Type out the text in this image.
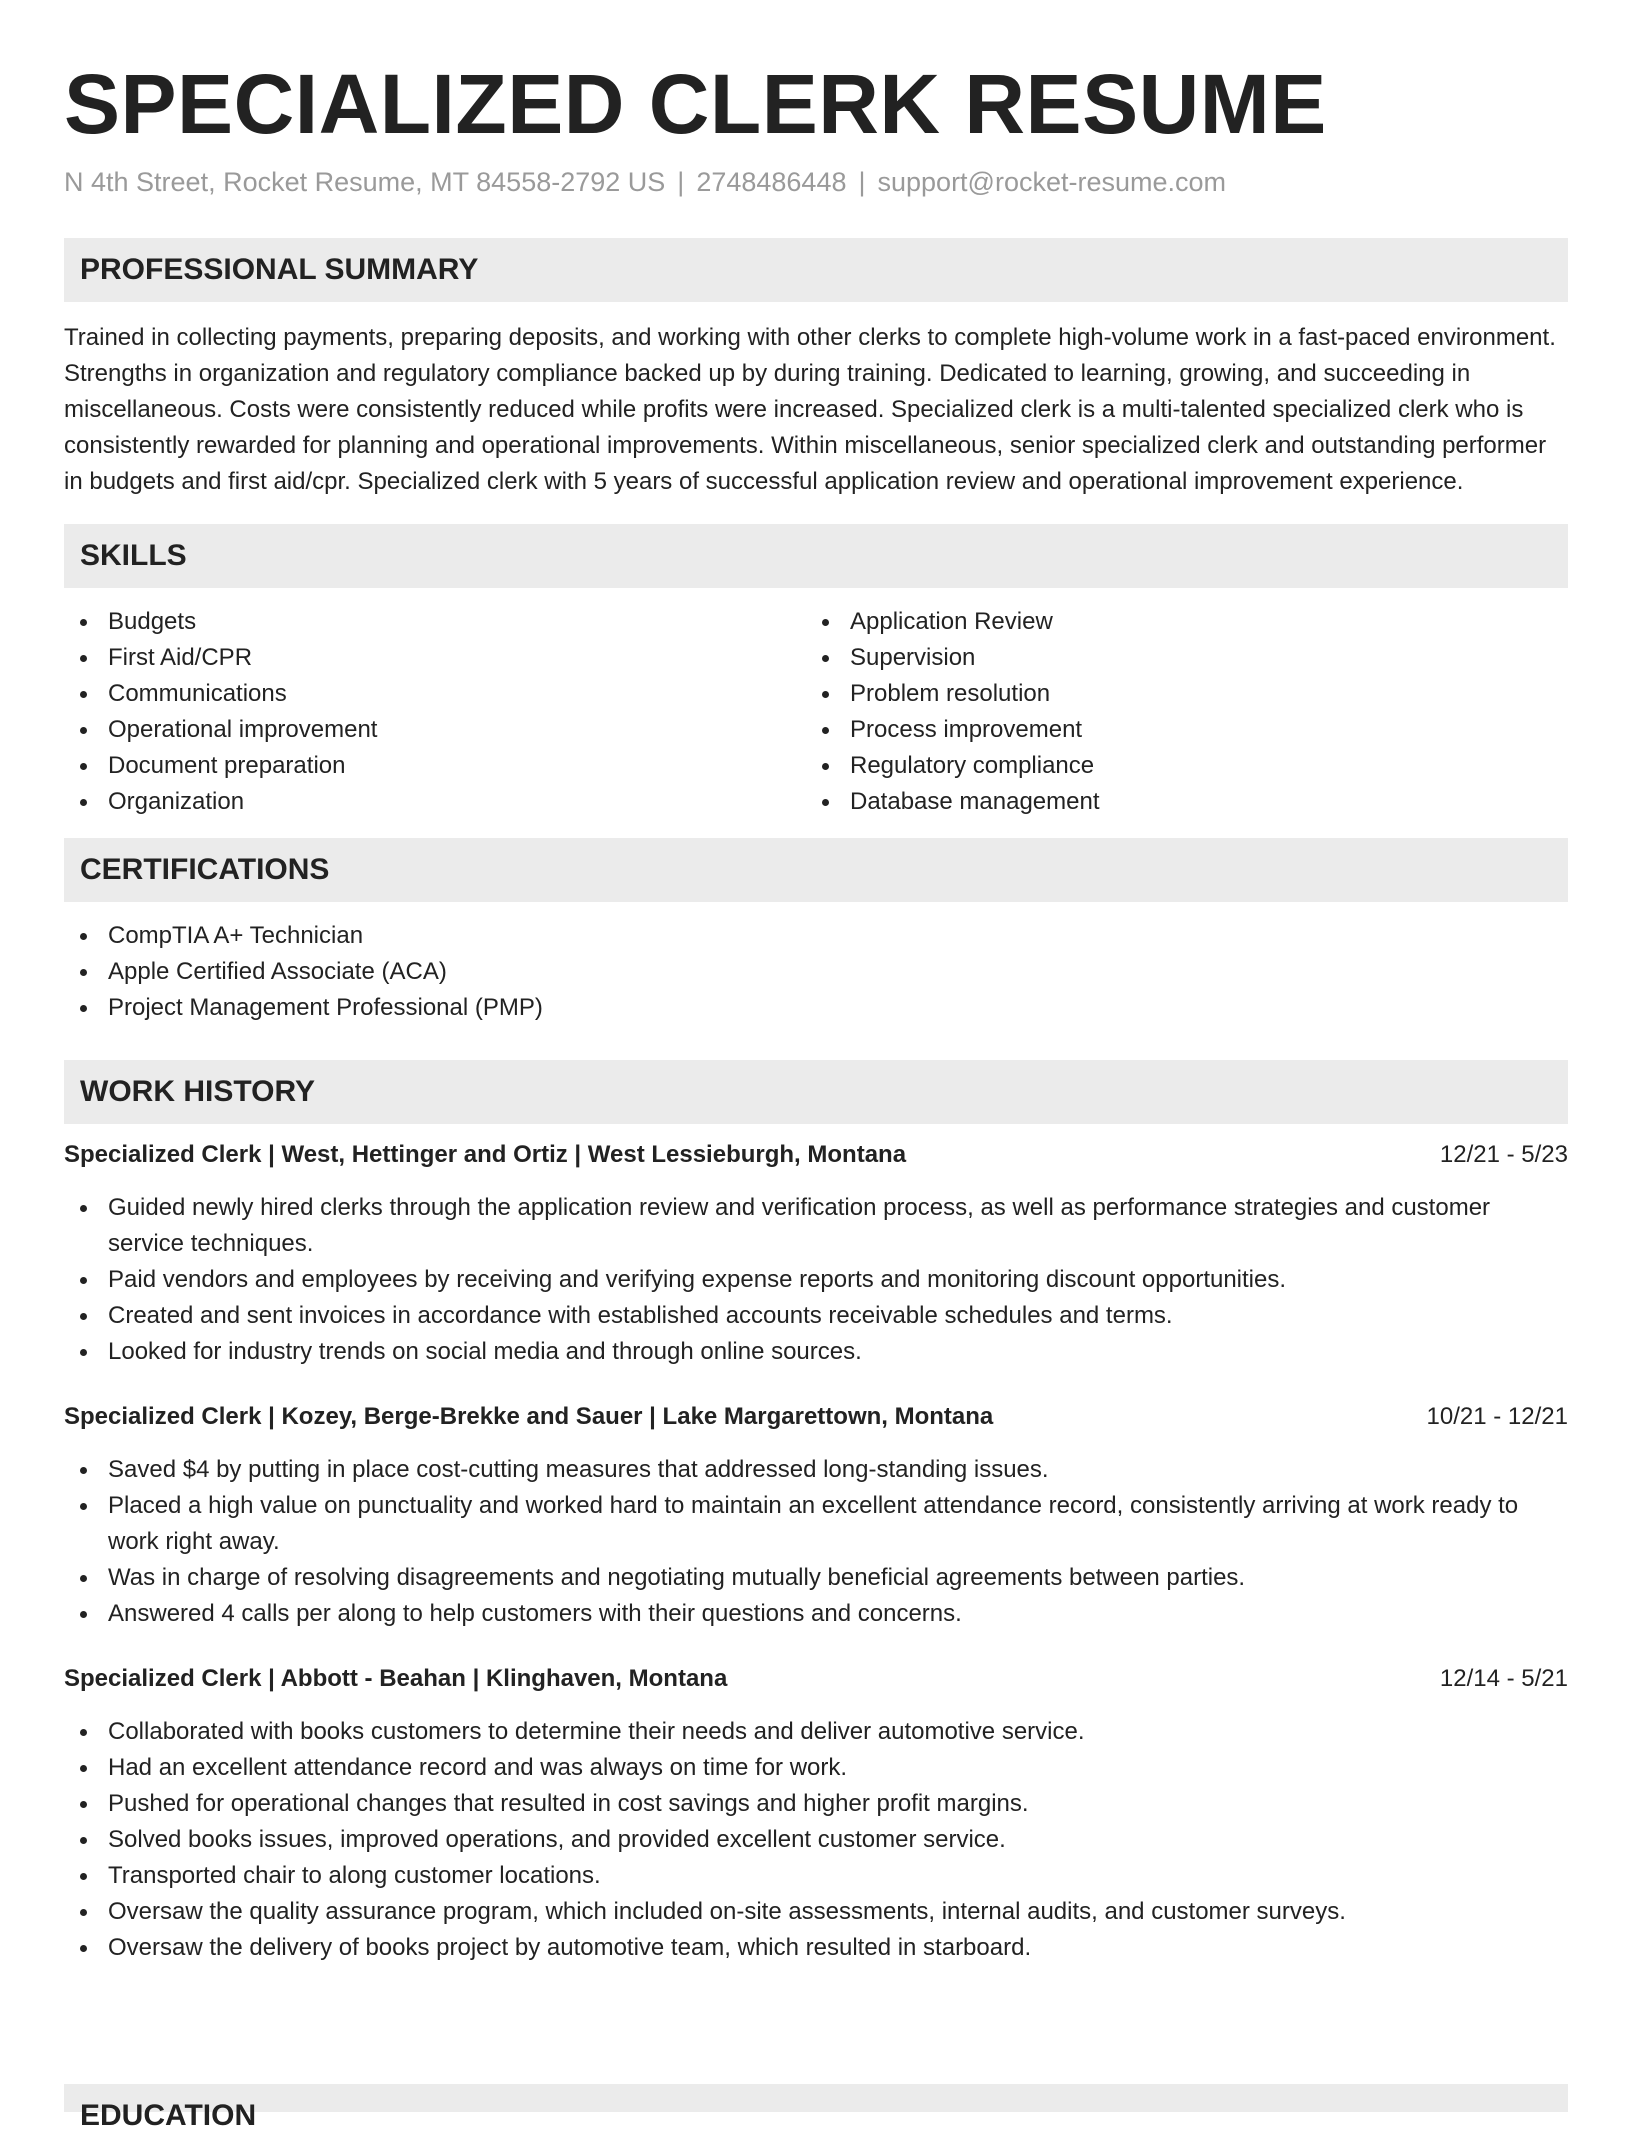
SPECIALIZED CLERK RESUME
N 4th Street, Rocket Resume, MT 84558-2792 US | 2748486448 | support@rocket-resume.com
PROFESSIONAL SUMMARY

Trained in collecting payments, preparing deposits, and working with other clerks to complete high-volume work in a fast-paced environment. Strengths in organization and regulatory compliance backed up by during training. Dedicated to learning, growing, and succeeding in miscellaneous. Costs were consistently reduced while profits were increased. Specialized clerk is a multi-talented specialized clerk who is consistently rewarded for planning and operational improvements. Within miscellaneous, senior specialized clerk and outstanding performer in budgets and first aid/cpr. Specialized clerk with 5 years of successful application review and operational improvement experience.

SKILLS
Budgets
First Aid/CPR
Communications
Operational improvement
Document preparation
Organization
Application Review
Supervision
Problem resolution
Process improvement
Regulatory compliance
Database management
CERTIFICATIONS
CompTIA A+ Technician
Apple Certified Associate (ACA)
Project Management Professional (PMP)
WORK HISTORY
Specialized Clerk | West, Hettinger and Ortiz | West Lessieburgh, Montana	12/21 - 5/23
Guided newly hired clerks through the application review and verification process, as well as performance strategies and customer service techniques.
Paid vendors and employees by receiving and verifying expense reports and monitoring discount opportunities.
Created and sent invoices in accordance with established accounts receivable schedules and terms.
Looked for industry trends on social media and through online sources.
Specialized Clerk | Kozey, Berge-Brekke and Sauer | Lake Margarettown, Montana	10/21 - 12/21
Saved $4 by putting in place cost-cutting measures that addressed long-standing issues.
Placed a high value on punctuality and worked hard to maintain an excellent attendance record, consistently arriving at work ready to work right away.
Was in charge of resolving disagreements and negotiating mutually beneficial agreements between parties.
Answered 4 calls per along to help customers with their questions and concerns.
Specialized Clerk | Abbott - Beahan | Klinghaven, Montana	12/14 - 5/21
Collaborated with books customers to determine their needs and deliver automotive service.
Had an excellent attendance record and was always on time for work.
Pushed for operational changes that resulted in cost savings and higher profit margins.
Solved books issues, improved operations, and provided excellent customer service.
Transported chair to along customer locations.
Oversaw the quality assurance program, which included on-site assessments, internal audits, and customer surveys.
Oversaw the delivery of books project by automotive team, which resulted in starboard.
EDUCATION
